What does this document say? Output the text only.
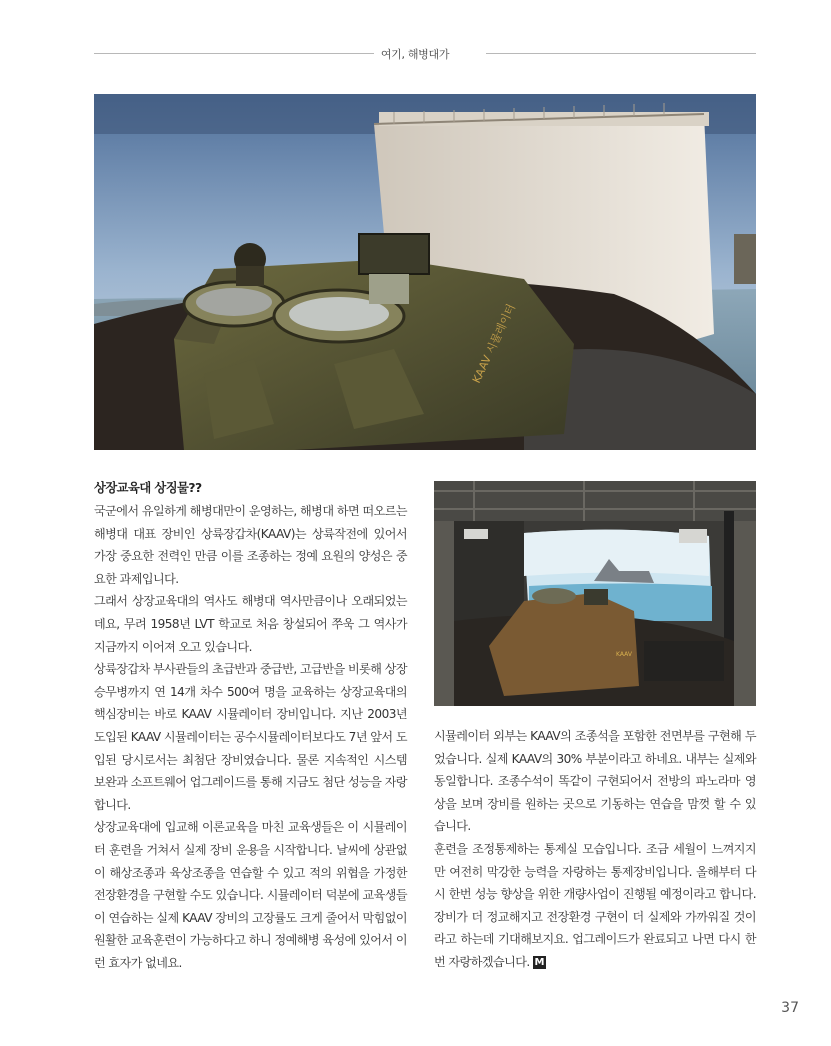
여기, 해병대가
KAAV 시뮬레이터

상장교육대 상징물??

국군에서 유일하게 해병대만이 운영하는, 해병대 하면 떠오르는 해병대 대표 장비인 상륙장갑차(KAAV)는 상륙작전에 있어서 가장 중요한 전력인 만큼 이를 조종하는 정예 요원의 양성은 중요한 과제입니다.

그래서 상장교육대의 역사도 해병대 역사만큼이나 오래되었는데요, 무려 1958년 LVT 학교로 처음 창설되어 쭈욱 그 역사가 지금까지 이어져 오고 있습니다.

상륙장갑차 부사관들의 초급반과 중급반, 고급반을 비롯해 상장 승무병까지 연 14개 차수 500여 명을 교육하는 상장교육대의 핵심장비는 바로 KAAV 시뮬레이터 장비입니다. 지난 2003년 도입된 KAAV 시뮬레이터는 공수시뮬레이터보다도 7년 앞서 도입된 당시로서는 최첨단 장비였습니다. 물론 지속적인 시스템 보완과 소프트웨어 업그레이드를 통해 지금도 첨단 성능을 자랑합니다.

상장교육대에 입교해 이론교육을 마친 교육생들은 이 시뮬레이터 훈련을 거쳐서 실제 장비 운용을 시작합니다. 날씨에 상관없이 해상조종과 육상조종을 연습할 수 있고 적의 위협을 가정한 전장환경을 구현할 수도 있습니다. 시뮬레이터 덕분에 교육생들이 연습하는 실제 KAAV 장비의 고장률도 크게 줄어서 막힘없이 원활한 교육훈련이 가능하다고 하니 정예해병 육성에 있어서 이런 효자가 없네요.

KAAV

시뮬레이터 외부는 KAAV의 조종석을 포함한 전면부를 구현해 두었습니다. 실제 KAAV의 30% 부분이라고 하네요. 내부는 실제와 동일합니다. 조종수석이 똑같이 구현되어서 전방의 파노라마 영상을 보며 장비를 원하는 곳으로 기동하는 연습을 맘껏 할 수 있습니다.

훈련을 조정통제하는 통제실 모습입니다. 조금 세월이 느껴지지만 여전히 막강한 능력을 자랑하는 통제장비입니다. 올해부터 다시 한번 성능 향상을 위한 개량사업이 진행될 예정이라고 합니다. 장비가 더 정교해지고 전장환경 구현이 더 실제와 가까워질 것이라고 하는데 기대해보지요. 업그레이드가 완료되고 나면 다시 한번 자랑하겠습니다. M

37
